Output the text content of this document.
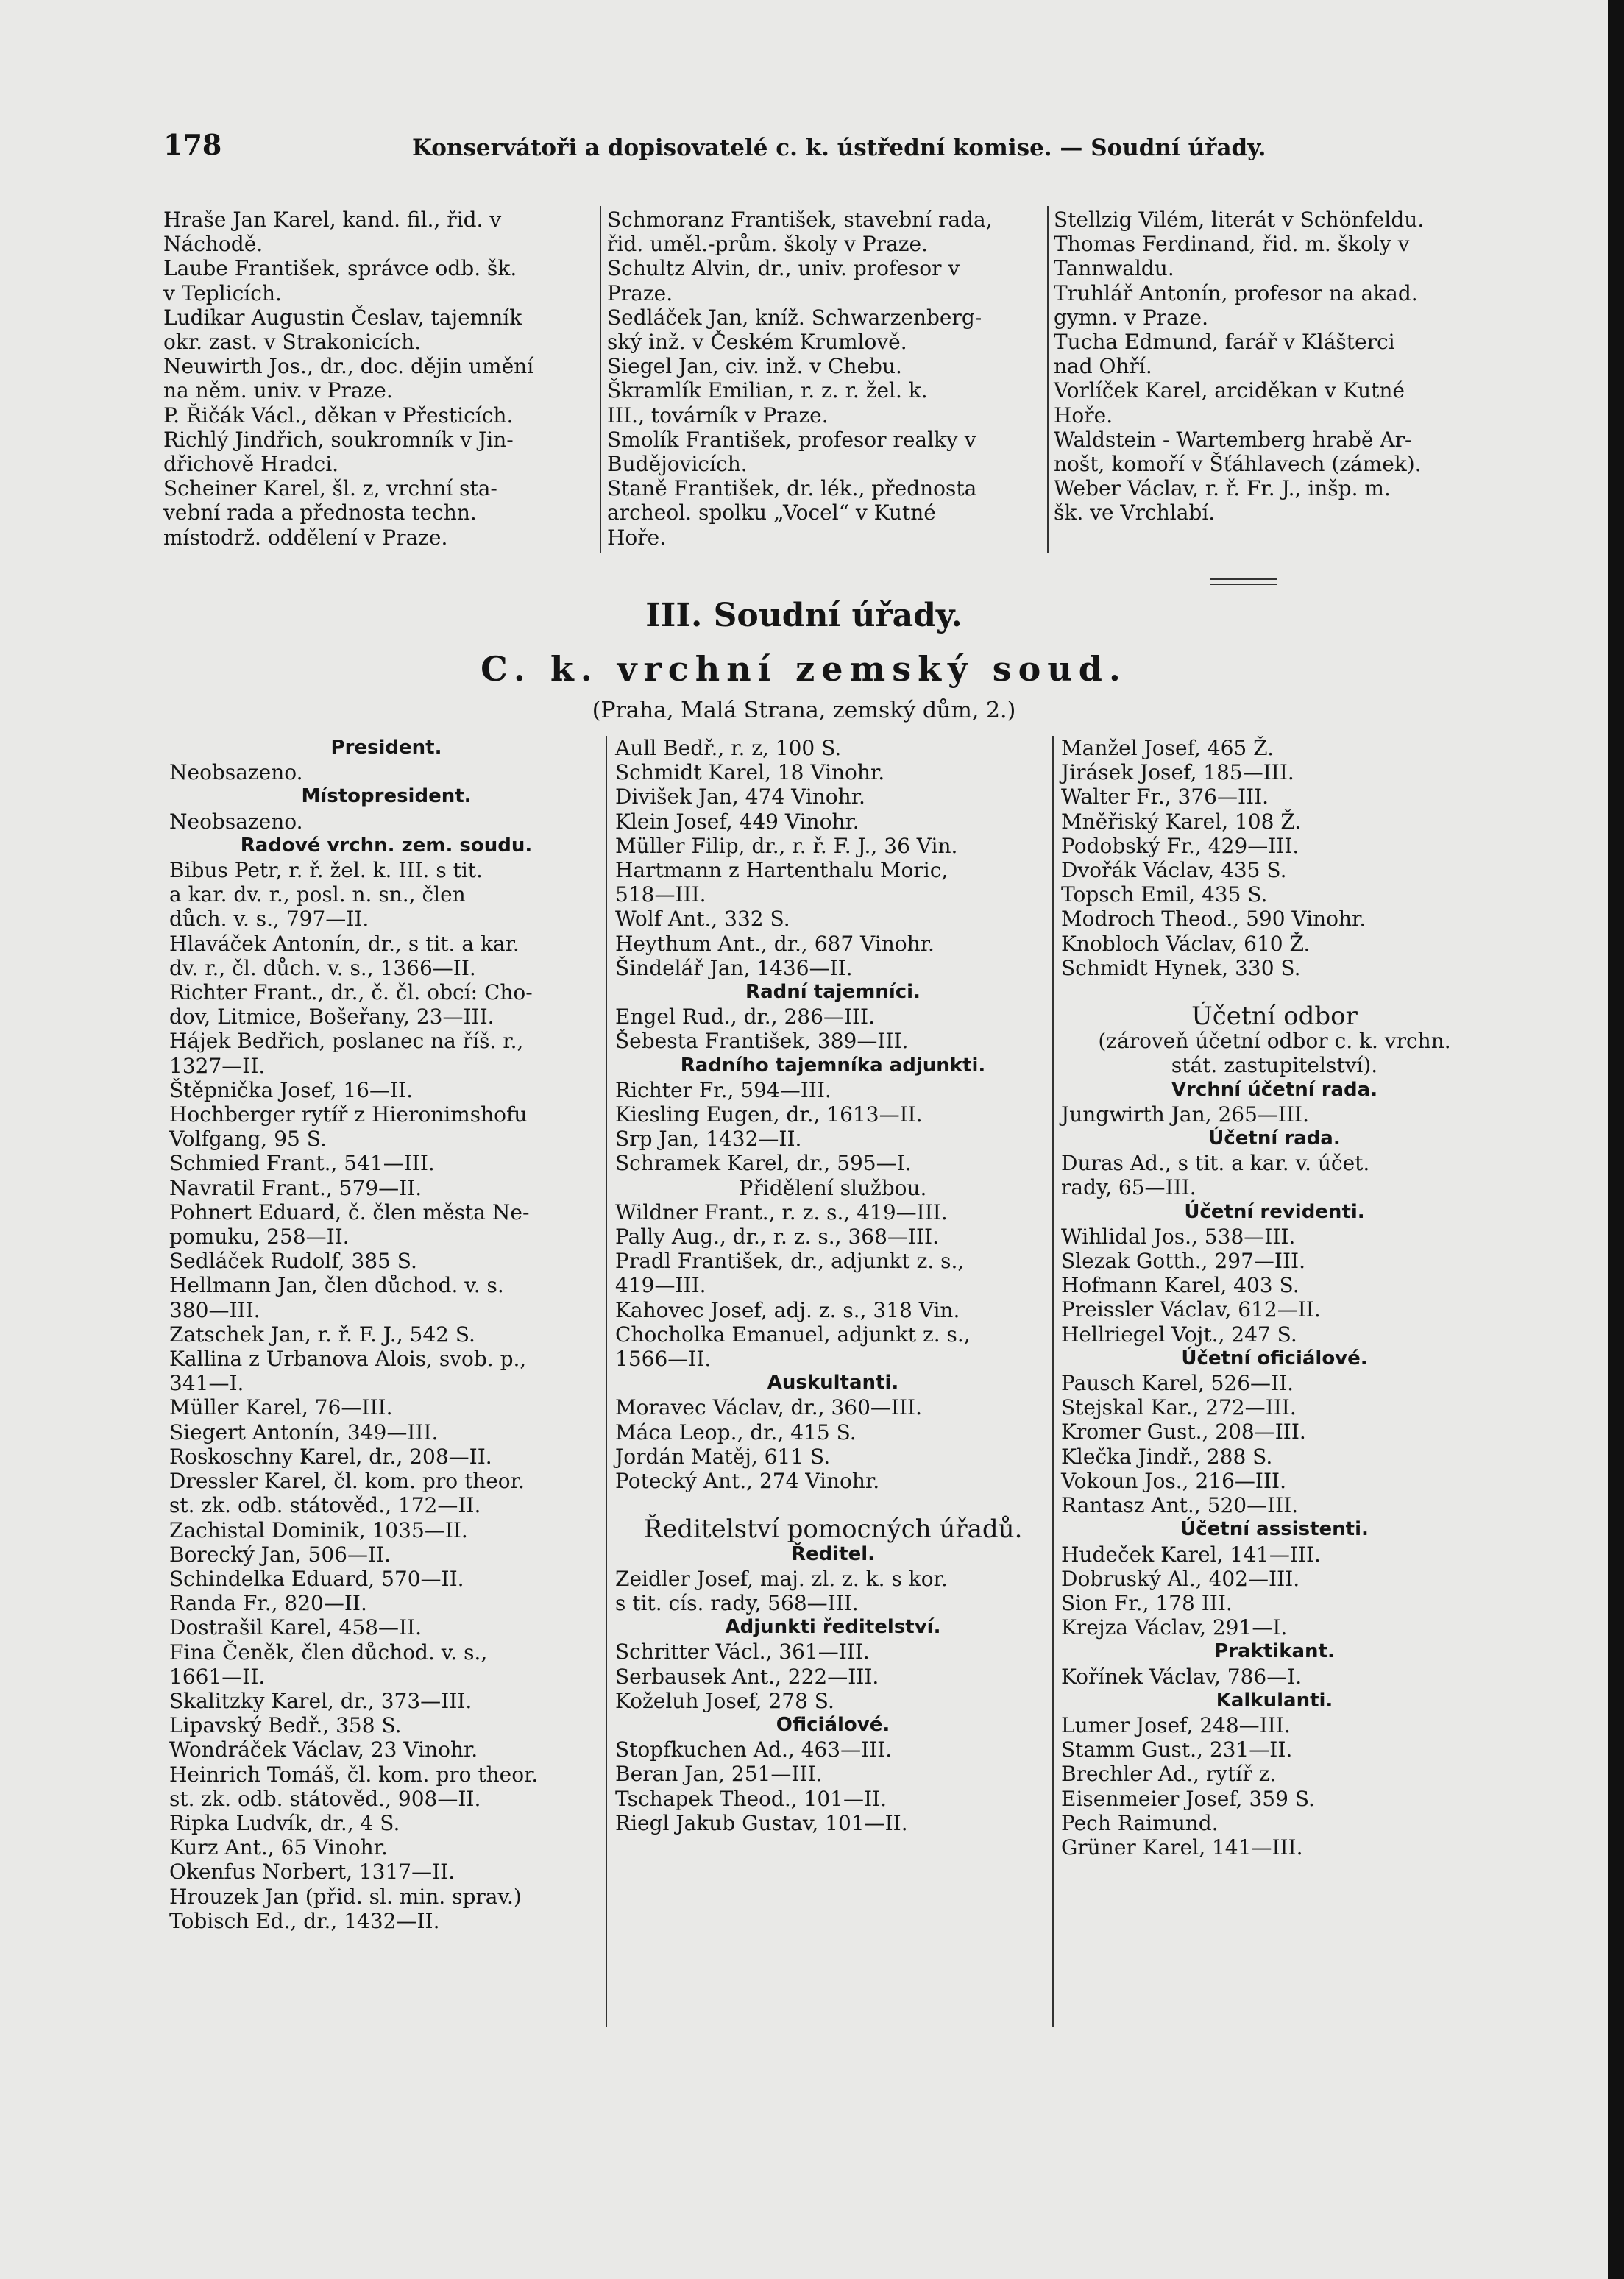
178	Konservátoři a dopisovatelé c. k. ústřední komise. — Soudní úřady.
Hraše Jan Karel, kand. fil., řid. v
Náchodě.
Laube František, správce odb. šk.
v Teplicích.
Ludikar Augustin Česlav, tajemník
okr. zast. v Strakonicích.
Neuwirth Jos., dr., doc. dějin umění
na něm. univ. v Praze.
P. Řičák Václ., děkan v Přesticích.
Richlý Jindřich, soukromník v Jin-
dřichově Hradci.
Scheiner Karel, šl. z, vrchní sta-
vební rada a přednosta techn.
místodrž. oddělení v Praze.
Schmoranz František, stavební rada,
řid. uměl.-prům. školy v Praze.
Schultz Alvin, dr., univ. profesor v
Praze.
Sedláček Jan, kníž. Schwarzenberg-
ský inž. v Českém Krumlově.
Siegel Jan, civ. inž. v Chebu.
Škramlík Emilian, r. z. r. žel. k.
III., továrník v Praze.
Smolík František, profesor realky v
Budějovicích.
Staně František, dr. lék., přednosta
archeol. spolku „Vocel“ v Kutné
Hoře.
Stellzig Vilém, literát v Schönfeldu.
Thomas Ferdinand, řid. m. školy v
Tannwaldu.
Truhlář Antonín, profesor na akad.
gymn. v Praze.
Tucha Edmund, farář v Klášterci
nad Ohří.
Vorlíček Karel, arciděkan v Kutné
Hoře.
Waldstein - Wartemberg hrabě Ar-
nošt, komoří v Šťáhlavech (zámek).
Weber Václav, r. ř. Fr. J., inšp. m.
šk. ve Vrchlabí.
III. Soudní úřady.
C. k. vrchní zemský soud.
(Praha, Malá Strana, zemský dům, 2.)
President.
Neobsazeno.
Místopresident.
Neobsazeno.
Radové vrchn. zem. soudu.
Bibus Petr, r. ř. žel. k. III. s tit.
a kar. dv. r., posl. n. sn., člen
důch. v. s., 797—II.
Hlaváček Antonín, dr., s tit. a kar.
dv. r., čl. důch. v. s., 1366—II.
Richter Frant., dr., č. čl. obcí: Cho-
dov, Litmice, Bošeřany, 23—III.
Hájek Bedřich, poslanec na říš. r.,
1327—II.
Štěpnička Josef, 16—II.
Hochberger rytíř z Hieronimshofu
Volfgang, 95 S.
Schmied Frant., 541—III.
Navratil Frant., 579—II.
Pohnert Eduard, č. člen města Ne-
pomuku, 258—II.
Sedláček Rudolf, 385 S.
Hellmann Jan, člen důchod. v. s.
380—III.
Zatschek Jan, r. ř. F. J., 542 S.
Kallina z Urbanova Alois, svob. p.,
341—I.
Müller Karel, 76—III.
Siegert Antonín, 349—III.
Roskoschny Karel, dr., 208—II.
Dressler Karel, čl. kom. pro theor.
st. zk. odb. státověd., 172—II.
Zachistal Dominik, 1035—II.
Borecký Jan, 506—II.
Schindelka Eduard, 570—II.
Randa Fr., 820—II.
Dostrašil Karel, 458—II.
Fina Čeněk, člen důchod. v. s.,
1661—II.
Skalitzky Karel, dr., 373—III.
Lipavský Bedř., 358 S.
Wondráček Václav, 23 Vinohr.
Heinrich Tomáš, čl. kom. pro theor.
st. zk. odb. státověd., 908—II.
Ripka Ludvík, dr., 4 S.
Kurz Ant., 65 Vinohr.
Okenfus Norbert, 1317—II.
Hrouzek Jan (přid. sl. min. sprav.)
Tobisch Ed., dr., 1432—II.
Aull Bedř., r. z, 100 S.
Schmidt Karel, 18 Vinohr.
Divišek Jan, 474 Vinohr.
Klein Josef, 449 Vinohr.
Müller Filip, dr., r. ř. F. J., 36 Vin.
Hartmann z Hartenthalu Moric,
518—III.
Wolf Ant., 332 S.
Heythum Ant., dr., 687 Vinohr.
Šindelář Jan, 1436—II.
Radní tajemníci.
Engel Rud., dr., 286—III.
Šebesta František, 389—III.
Radního tajemníka adjunkti.
Richter Fr., 594—III.
Kiesling Eugen, dr., 1613—II.
Srp Jan, 1432—II.
Schramek Karel, dr., 595—I.
Přidělení službou.
Wildner Frant., r. z. s., 419—III.
Pally Aug., dr., r. z. s., 368—III.
Pradl František, dr., adjunkt z. s.,
419—III.
Kahovec Josef, adj. z. s., 318 Vin.
Chocholka Emanuel, adjunkt z. s.,
1566—II.
Auskultanti.
Moravec Václav, dr., 360—III.
Máca Leop., dr., 415 S.
Jordán Matěj, 611 S.
Potecký Ant., 274 Vinohr.
Ředitelství pomocných úřadů.
Ředitel.
Zeidler Josef, maj. zl. z. k. s kor.
s tit. cís. rady, 568—III.
Adjunkti ředitelství.
Schritter Václ., 361—III.
Serbausek Ant., 222—III.
Koželuh Josef, 278 S.
Oficiálové.
Stopfkuchen Ad., 463—III.
Beran Jan, 251—III.
Tschapek Theod., 101—II.
Riegl Jakub Gustav, 101—II.
Manžel Josef, 465 Ž.
Jirásek Josef, 185—III.
Walter Fr., 376—III.
Mněřiský Karel, 108 Ž.
Podobský Fr., 429—III.
Dvořák Václav, 435 S.
Topsch Emil, 435 S.
Modroch Theod., 590 Vinohr.
Knobloch Václav, 610 Ž.
Schmidt Hynek, 330 S.
Účetní odbor
(zároveň účetní odbor c. k. vrchn.
stát. zastupitelství).
Vrchní účetní rada.
Jungwirth Jan, 265—III.
Účetní rada.
Duras Ad., s tit. a kar. v. účet.
rady, 65—III.
Účetní revidenti.
Wihlidal Jos., 538—III.
Slezak Gotth., 297—III.
Hofmann Karel, 403 S.
Preissler Václav, 612—II.
Hellriegel Vojt., 247 S.
Účetní oficiálové.
Pausch Karel, 526—II.
Stejskal Kar., 272—III.
Kromer Gust., 208—III.
Klečka Jindř., 288 S.
Vokoun Jos., 216—III.
Rantasz Ant., 520—III.
Účetní assistenti.
Hudeček Karel, 141—III.
Dobruský Al., 402—III.
Sion Fr., 178 III.
Krejza Václav, 291—I.
Praktikant.
Kořínek Václav, 786—I.
Kalkulanti.
Lumer Josef, 248—III.
Stamm Gust., 231—II.
Brechler Ad., rytíř z.
Eisenmeier Josef, 359 S.
Pech Raimund.
Grüner Karel, 141—III.
